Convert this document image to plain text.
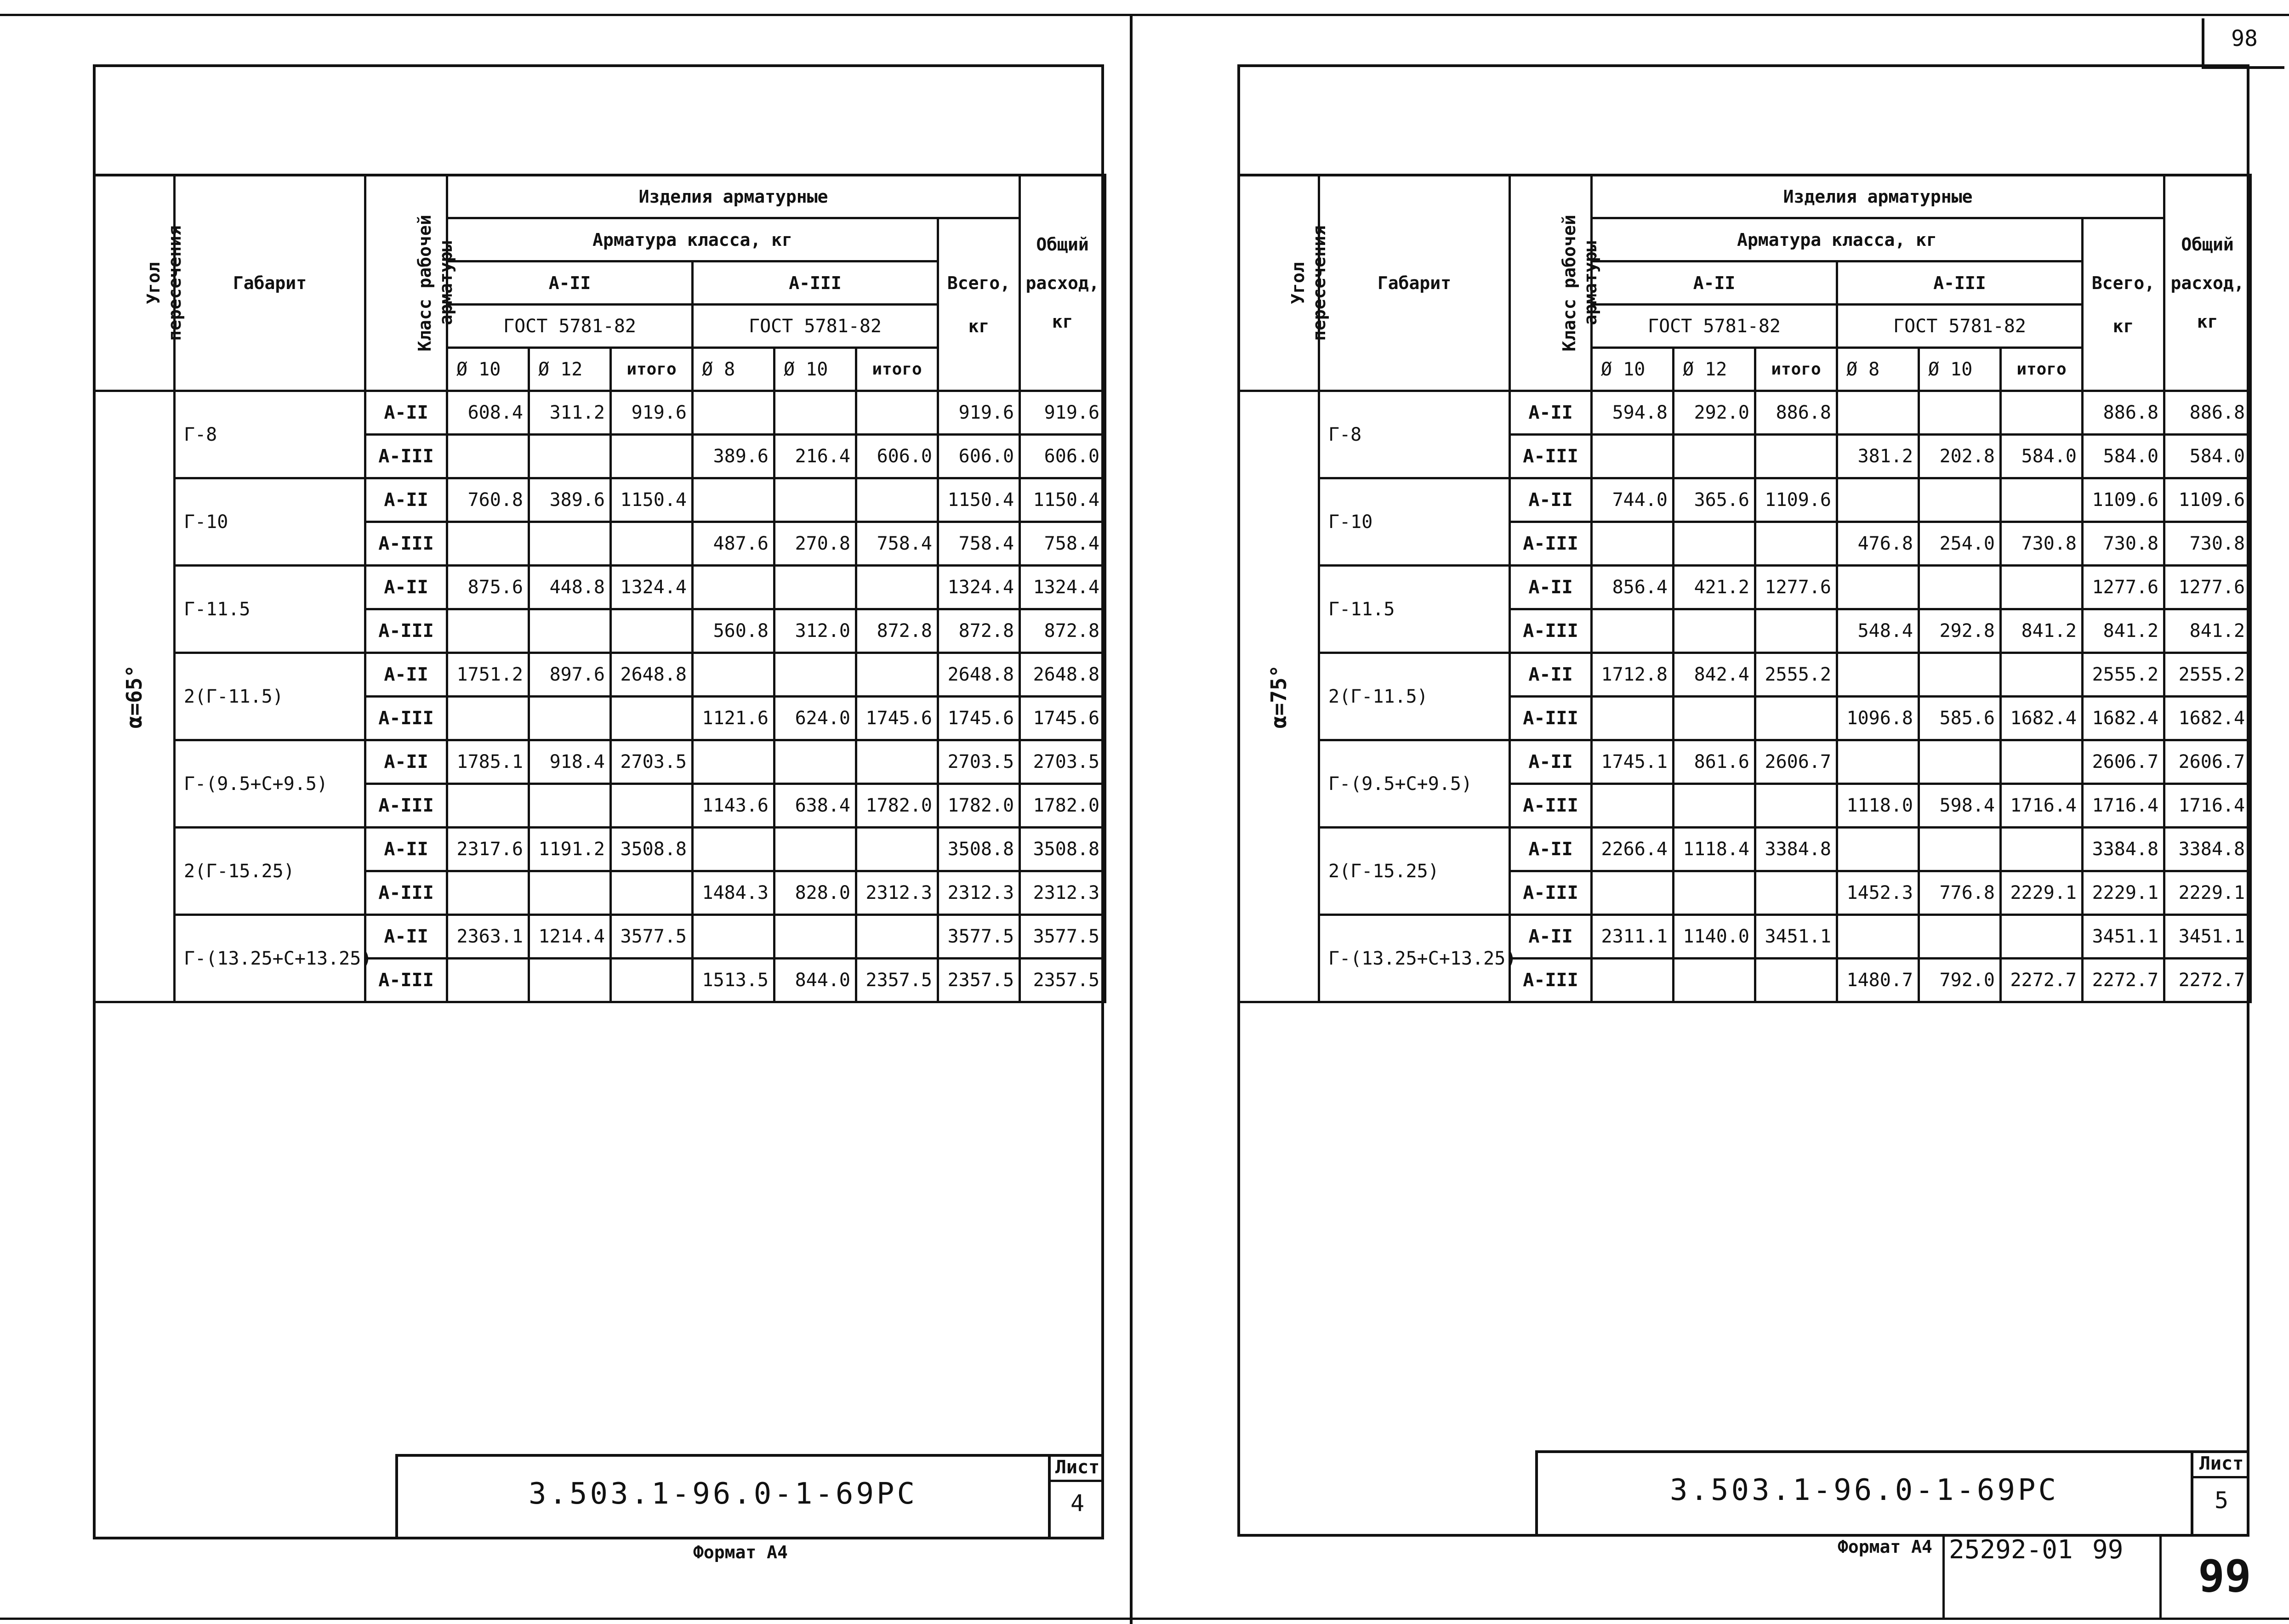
Угол пересечения	Габарит	Класс рабочей арматуры	Изделия арматурные							Общий
расход,
кг

			Арматура класса, кг						Всего,
кг	

			А-II			А-III				
			ГОСТ 5781-82			ГОСТ 5781-82				
			Ø 10	Ø 12	итого	Ø 8	Ø 10	итого		
α=65°	Г-8	А-II	608.4	311.2	919.6				919.6	919.6
		А-III				389.6	216.4	606.0	606.0	606.0
	Г-10	А-II	760.8	389.6	1150.4				1150.4	1150.4
		А-III				487.6	270.8	758.4	758.4	758.4
	Г-11.5	А-II	875.6	448.8	1324.4				1324.4	1324.4
		А-III				560.8	312.0	872.8	872.8	872.8
	2(Г-11.5)	А-II	1751.2	897.6	2648.8				2648.8	2648.8
		А-III				1121.6	624.0	1745.6	1745.6	1745.6
	Г-(9.5+С+9.5)	А-II	1785.1	918.4	2703.5				2703.5	2703.5
		А-III				1143.6	638.4	1782.0	1782.0	1782.0
	2(Г-15.25)	А-II	2317.6	1191.2	3508.8				3508.8	3508.8
		А-III				1484.3	828.0	2312.3	2312.3	2312.3
	Г-(13.25+С+13.25)	А-II	2363.1	1214.4	3577.5				3577.5	3577.5
		А-III				1513.5	844.0	2357.5	2357.5	2357.5
3.503.1-96.0-1-69РС
Лист
4
Формат А4
Угол пересечения	Габарит	Класс рабочей арматуры	Изделия арматурные							Общий
расход,
кг

			Арматура класса, кг						Всего,
кг	

			А-II			А-III				
			ГОСТ 5781-82			ГОСТ 5781-82				
			Ø 10	Ø 12	итого	Ø 8	Ø 10	итого		
α=75°	Г-8	А-II	594.8	292.0	886.8				886.8	886.8
		А-III				381.2	202.8	584.0	584.0	584.0
	Г-10	А-II	744.0	365.6	1109.6				1109.6	1109.6
		А-III				476.8	254.0	730.8	730.8	730.8
	Г-11.5	А-II	856.4	421.2	1277.6				1277.6	1277.6
		А-III				548.4	292.8	841.2	841.2	841.2
	2(Г-11.5)	А-II	1712.8	842.4	2555.2				2555.2	2555.2
		А-III				1096.8	585.6	1682.4	1682.4	1682.4
	Г-(9.5+С+9.5)	А-II	1745.1	861.6	2606.7				2606.7	2606.7
		А-III				1118.0	598.4	1716.4	1716.4	1716.4
	2(Г-15.25)	А-II	2266.4	1118.4	3384.8				3384.8	3384.8
		А-III				1452.3	776.8	2229.1	2229.1	2229.1
	Г-(13.25+С+13.25)	А-II	2311.1	1140.0	3451.1				3451.1	3451.1
		А-III				1480.7	792.0	2272.7	2272.7	2272.7
3.503.1-96.0-1-69РС
Лист
5
Формат А4 25292-01 99
98
99
